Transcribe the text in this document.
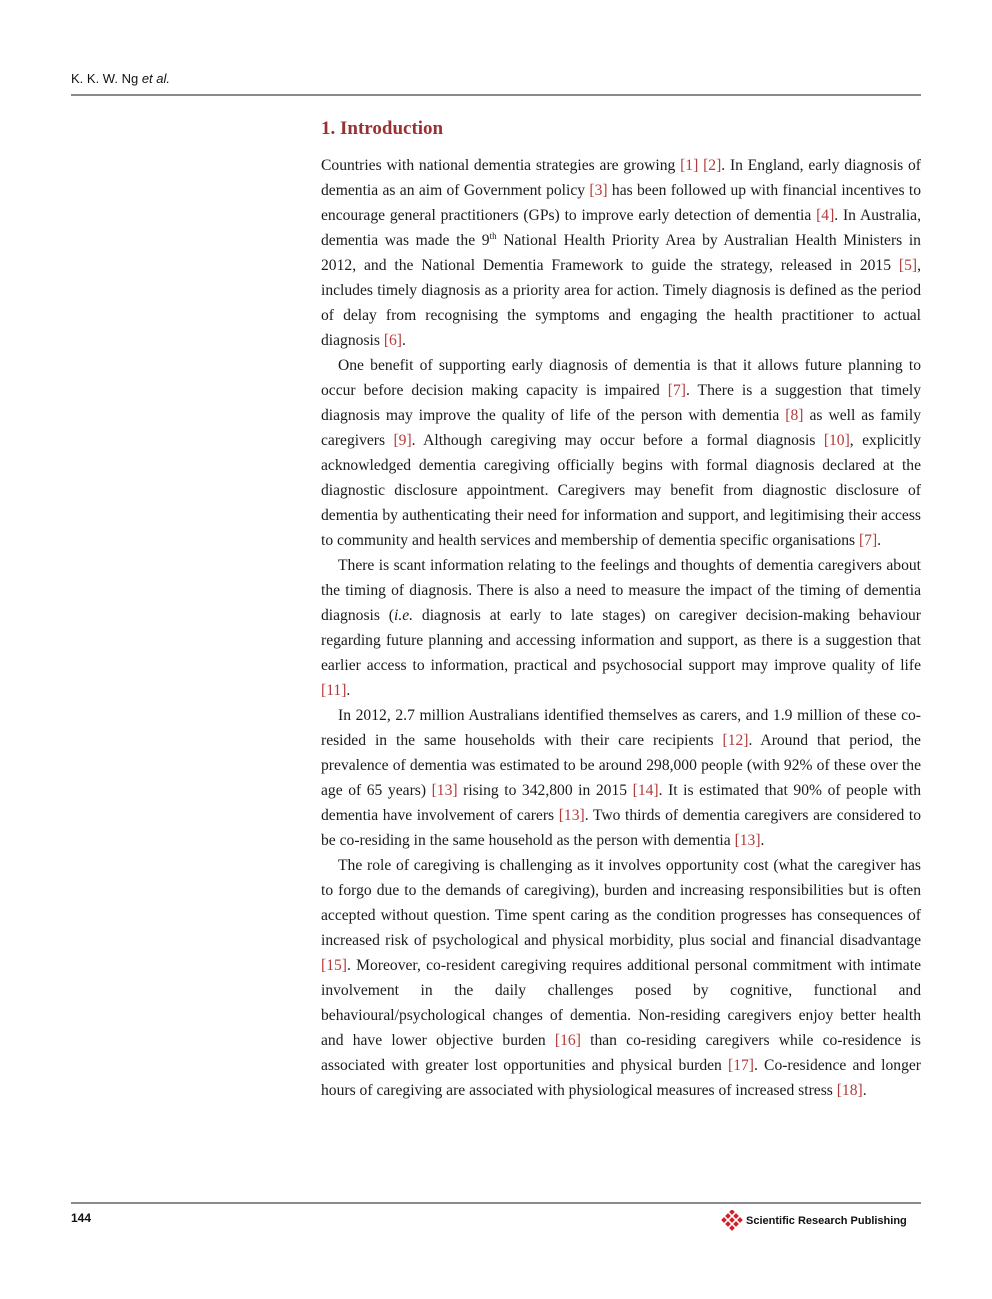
K. K. W. Ng et al.
1. Introduction

Countries with national dementia strategies are growing [1] [2]. In England, early diagnosis of dementia as an aim of Government policy [3] has been followed up with financial incentives to encourage general practitioners (GPs) to improve early detection of dementia [4]. In Australia, dementia was made the 9th National Health Priority Area by Australian Health Ministers in 2012, and the National Dementia Framework to guide the strategy, released in 2015 [5], includes timely diagnosis as a priority area for action. Timely diagnosis is defined as the period of delay from recognising the symptoms and engaging the health practitioner to actual diagnosis [6].

One benefit of supporting early diagnosis of dementia is that it allows future planning to occur before decision making capacity is impaired [7]. There is a suggestion that timely diagnosis may improve the quality of life of the person with dementia [8] as well as family caregivers [9]. Although caregiving may occur before a formal diagnosis [10], explicitly acknowledged dementia caregiving officially begins with formal diagnosis declared at the diagnostic disclosure appointment. Caregivers may benefit from diagnostic disclosure of dementia by authenticating their need for information and support, and legitimising their access to community and health services and membership of dementia specific organisations [7].

There is scant information relating to the feelings and thoughts of dementia caregivers about the timing of diagnosis. There is also a need to measure the impact of the timing of dementia diagnosis (i.e. diagnosis at early to late stages) on caregiver decision-making behaviour regarding future planning and accessing information and support, as there is a suggestion that earlier access to information, practical and psychosocial support may improve quality of life [11].

In 2012, 2.7 million Australians identified themselves as carers, and 1.9 million of these co-resided in the same households with their care recipients [12]. Around that period, the prevalence of dementia was estimated to be around 298,000 people (with 92% of these over the age of 65 years) [13] rising to 342,800 in 2015 [14]. It is estimated that 90% of people with dementia have involvement of carers [13]. Two thirds of dementia caregivers are considered to be co-residing in the same household as the person with dementia [13].

The role of caregiving is challenging as it involves opportunity cost (what the caregiver has to forgo due to the demands of caregiving), burden and increasing responsibilities but is often accepted without question. Time spent caring as the condition progresses has consequences of increased risk of psychological and physical morbidity, plus social and financial disadvantage [15]. Moreover, co-resident caregiving requires additional personal commitment with intimate involvement in the daily challenges posed by cognitive, functional and behavioural/psychological changes of dementia. Non-residing caregivers enjoy better health and have lower objective burden [16] than co-residing caregivers while co-residence is associated with greater lost opportunities and physical burden [17]. Co-residence and longer hours of caregiving are associated with physiological measures of increased stress [18].

144	Scientific Research Publishing
